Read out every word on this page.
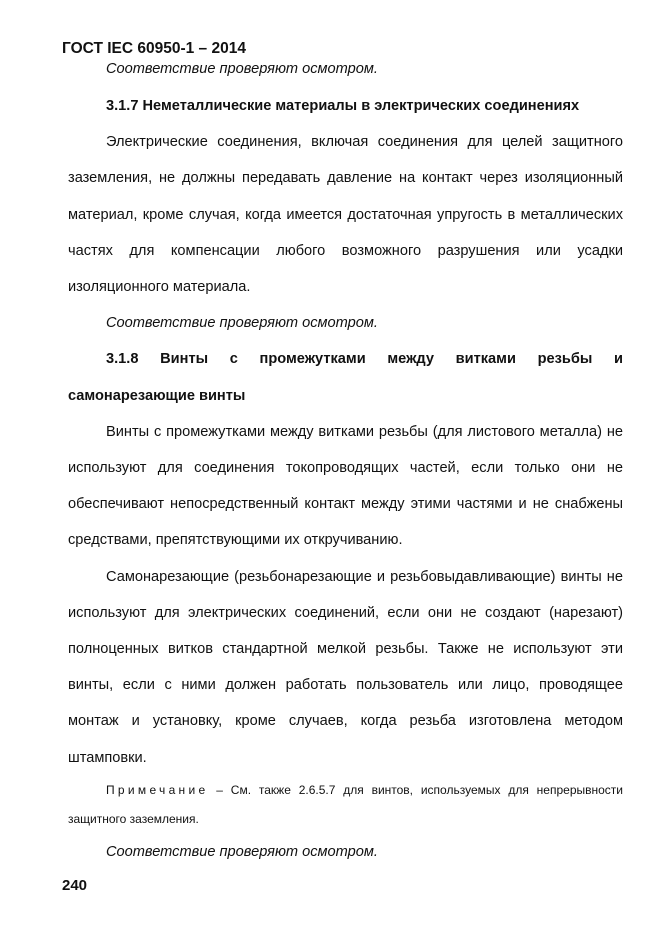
ГОСТ IEC 60950-1 – 2014

Соответствие проверяют осмотром.

3.1.7 Неметаллические материалы в электрических соединениях

Электрические соединения, включая соединения для целей защитного заземления, не должны передавать давление на контакт через изоляционный материал, кроме случая, когда имеется достаточная упругость в металлических частях для компенсации любого возможного разрушения или усадки изоляционного материала.

Соответствие проверяют осмотром.

3.1.8 Винты с промежутками между витками резьбы и самонарезающие винты

Винты с промежутками между витками резьбы (для листового металла) не используют для соединения токопроводящих частей, если только они не обеспечивают непосредственный контакт между этими частями и не снабжены средствами, препятствующими их откручиванию.

Самонарезающие (резьбонарезающие и резьбовыдавливающие) винты не используют для электрических соединений, если они не создают (нарезают) полноценных витков стандартной мелкой резьбы. Также не используют эти винты, если с ними должен работать пользователь или лицо, проводящее монтаж и установку, кроме случаев, когда резьба изготовлена методом штамповки.

Примечание – См. также 2.6.5.7 для винтов, используемых для непрерывности защитного заземления.

Соответствие проверяют осмотром.

240
